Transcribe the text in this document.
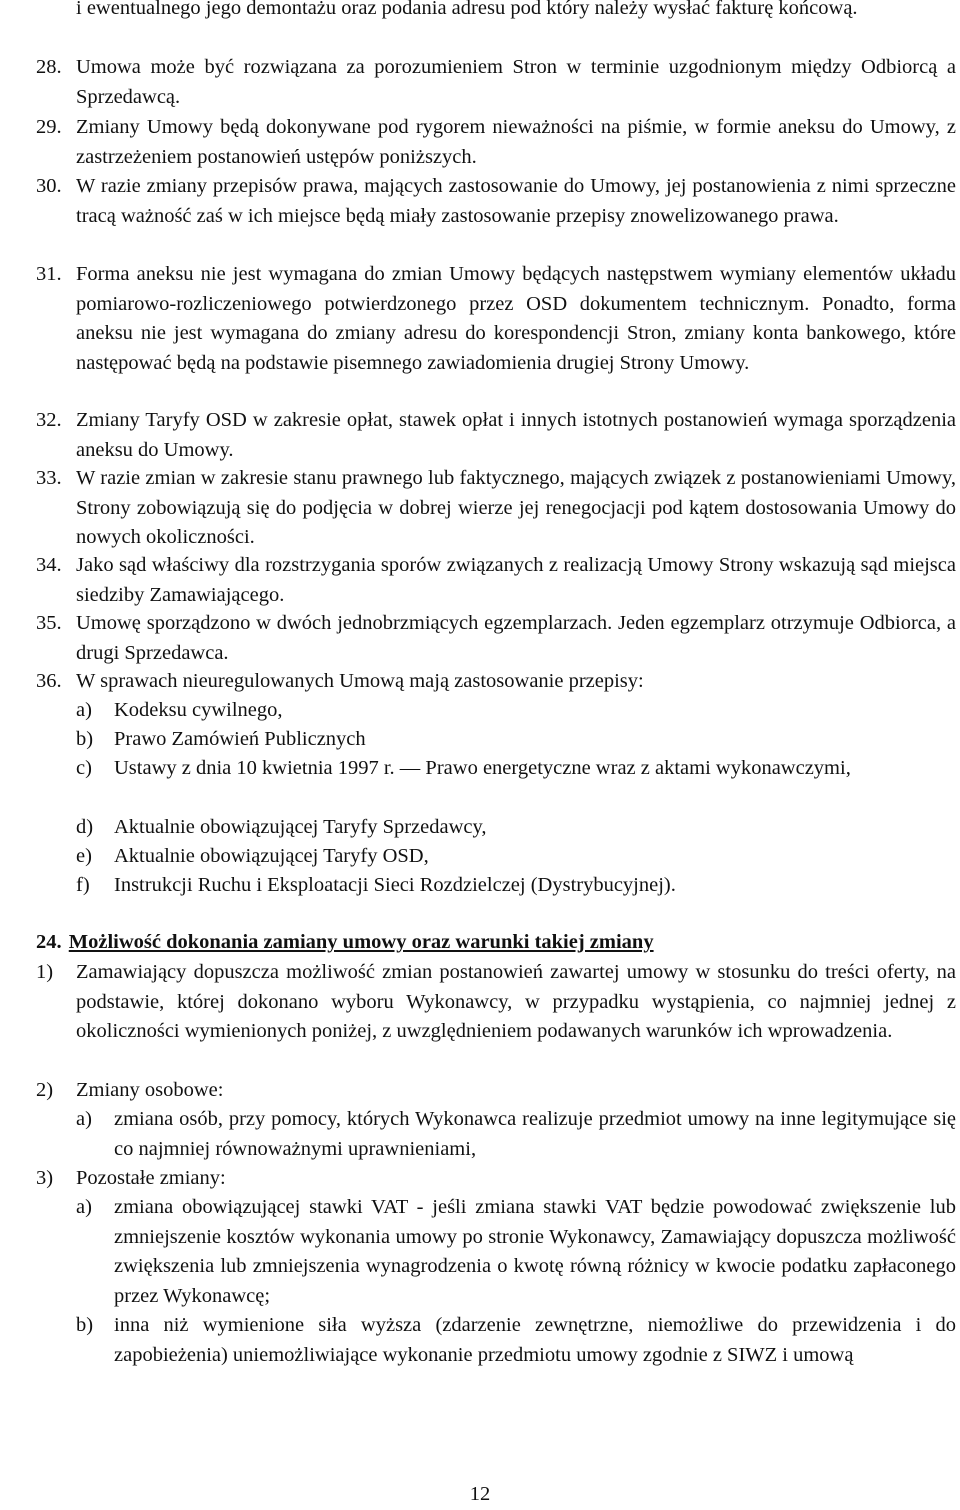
i ewentualnego jego demontażu oraz podania adresu pod który należy wysłać fakturę końcową.
28. Umowa może być rozwiązana za porozumieniem Stron w terminie uzgodnionym między Odbiorcą a Sprzedawcą.
29. Zmiany Umowy będą dokonywane pod rygorem nieważności na piśmie, w formie aneksu do Umowy, z zastrzeżeniem postanowień ustępów poniższych.
30. W razie zmiany przepisów prawa, mających zastosowanie do Umowy, jej postanowienia z nimi sprzeczne tracą ważność zaś w ich miejsce będą miały zastosowanie przepisy znowelizowanego prawa.
31. Forma aneksu nie jest wymagana do zmian Umowy będących następstwem wymiany elementów układu pomiarowo-rozliczeniowego potwierdzonego przez OSD dokumentem technicznym. Ponadto, forma aneksu nie jest wymagana do zmiany adresu do korespondencji Stron, zmiany konta bankowego, które następować będą na podstawie pisemnego zawiadomienia drugiej Strony Umowy.
32. Zmiany Taryfy OSD w zakresie opłat, stawek opłat i innych istotnych postanowień wymaga sporządzenia aneksu do Umowy.
33. W razie zmian w zakresie stanu prawnego lub faktycznego, mających związek z postanowieniami Umowy, Strony zobowiązują się do podjęcia w dobrej wierze jej renegocjacji pod kątem dostosowania Umowy do nowych okoliczności.
34. Jako sąd właściwy dla rozstrzygania sporów związanych z realizacją Umowy Strony wskazują sąd miejsca siedziby Zamawiającego.
35. Umowę sporządzono w dwóch jednobrzmiących egzemplarzach. Jeden egzemplarz otrzymuje Odbiorca, a drugi Sprzedawca.
36. W sprawach nieuregulowanych Umową mają zastosowanie przepisy:
a) Kodeksu cywilnego,
b) Prawo Zamówień Publicznych
c) Ustawy z dnia 10 kwietnia 1997 r. — Prawo energetyczne wraz z aktami wykonawczymi,
d) Aktualnie obowiązującej Taryfy Sprzedawcy,
e) Aktualnie obowiązującej Taryfy OSD,
f) Instrukcji Ruchu i Eksploatacji Sieci Rozdzielczej (Dystrybucyjnej).
24. Możliwość dokonania zamiany umowy oraz warunki takiej zmiany
1) Zamawiający dopuszcza możliwość zmian postanowień zawartej umowy w stosunku do treści oferty, na podstawie, której dokonano wyboru Wykonawcy, w przypadku wystąpienia, co najmniej jednej z okoliczności wymienionych poniżej, z uwzględnieniem podawanych warunków ich wprowadzenia.
2) Zmiany osobowe:
a) zmiana osób, przy pomocy, których Wykonawca realizuje przedmiot umowy na inne legitymujące się co najmniej równoważnymi uprawnieniami,
3) Pozostałe zmiany:
a) zmiana obowiązującej stawki VAT - jeśli zmiana stawki VAT będzie powodować zwiększenie lub zmniejszenie kosztów wykonania umowy po stronie Wykonawcy, Zamawiający dopuszcza możliwość zwiększenia lub zmniejszenia wynagrodzenia o kwotę równą różnicy w kwocie podatku zapłaconego przez Wykonawcę;
b) inna niż wymienione siła wyższa (zdarzenie zewnętrzne, niemożliwe do przewidzenia i do zapobieżenia) uniemożliwiające wykonanie przedmiotu umowy zgodnie z SIWZ i umową
12
